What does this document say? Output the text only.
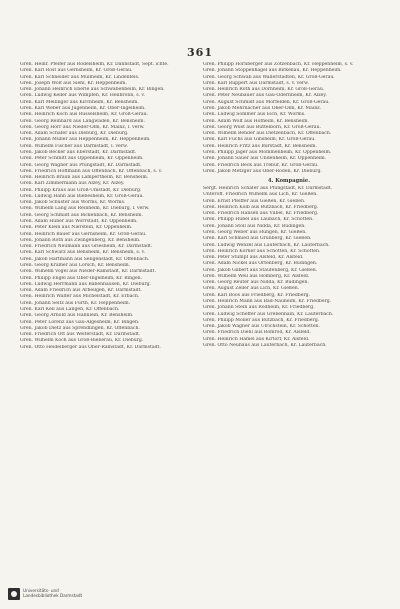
361
Gren. Heinr. Pfeifer aus Rodelsheim, Kr. Dannstadt, Sept. ichte.
Gren. Karl Rost aus Gernsheim, Kr. Groß-Gerau.
Gren. Karl Schneider aus Müllheim, Kr. Lindenfels.
Gren. Joseph Wolf aus Siehl, Kr. Heppenheim.
Gren. Johann Heinrich Eberle aus Schwabenheim, Kr. Bingen.
Gren. Ludwig Keller aus Wimpfen, Kr. Heilbronn, s. v.
Gren. Karl Mellinger aus Kirchheim, Kr. Bensheim.
Gren. Karl Weber aus Jugenheim, Kr. Ober-Ingelheim.
Gren. Heinrich Koch aus Rüsselsheim, Kr. Groß-Gerau.
Gren. Georg Reinhard aus Langwaden, Kr. Bensheim.
Gren. Georg Hörr aus Nieder-Olm, Kr. Mainz, l. verw.
Gren. Adam Schäfer aus Dieburg, Kr. Dieburg.
Gren. Johann Müller aus Heppenheim, Kr. Heppenheim.
Gren. Wilhelm Fischer aus Darmstadt, l. verw.
Gren. Jakob Becker aus Eberstadt, Kr. Darmstadt.
Gren. Peter Schmitt aus Oppenheim, Kr. Oppenheim.
Gren. Georg Wagner aus Pfungstadt, Kr. Darmstadt.
Gren. Friedrich Hoffmann aus Offenbach, Kr. Offenbach, s. v.
Gren. Heinrich Braun aus Lampertheim, Kr. Bensheim.
Gren. Karl Zimmermann aus Alzey, Kr. Alzey.
Gren. Philipp Kraus aus Groß-Umstadt, Kr. Dieburg.
Gren. Ludwig Hahn aus Biebesheim, Kr. Groß-Gerau.
Gren. Jakob Schuster aus Worms, Kr. Worms.
Gren. Wilhelm Lang aus Reinheim, Kr. Dieburg, l. verw.
Gren. Georg Schmidt aus Bickenbach, Kr. Bensheim.
Gren. Adam Huber aus Wörrstadt, Kr. Oppenheim.
Gren. Peter Klein aus Nierstein, Kr. Oppenheim.
Gren. Heinrich Bauer aus Gernsheim, Kr. Groß-Gerau.
Gren. Johann Roth aus Zwingenberg, Kr. Bensheim.
Gren. Friedrich Neumann aus Griesheim, Kr. Darmstadt.
Gren. Karl Schwarz aus Bensheim, Kr. Bensheim, s. v.
Gren. Jakob Hartmann aus Seligenstadt, Kr. Offenbach.
Gren. Georg Krämer aus Lorsch, Kr. Bensheim.
Gren. Wilhelm Vogel aus Nieder-Ramstadt, Kr. Darmstadt.
Gren. Philipp Engel aus Ober-Ingelheim, Kr. Bingen.
Gren. Ludwig Herrmann aus Babenhausen, Kr. Dieburg.
Gren. Adam Friedrich aus Arheilgen, Kr. Darmstadt.
Gren. Heinrich Walter aus Michelstadt, Kr. Erbach.
Gren. Johann Seitz aus Fürth, Kr. Heppenheim.
Gren. Karl Keil aus Langen, Kr. Offenbach.
Gren. Georg Arnold aus Hähnlein, Kr. Bensheim.
Gren. Peter Lorenz aus Gau-Algesheim, Kr. Bingen.
Gren. Jakob Dietz aus Sprendlingen, Kr. Offenbach.
Gren. Friedrich Ott aus Weiterstadt, Kr. Darmstadt.
Gren. Wilhelm Koch aus Groß-Bieberau, Kr. Dieburg.
Gren. Otto Heidelberger aus Ober-Ramstadt, Kr. Darmstadt.
Gren. Philipp Hornberger aus Zotzenbach, Kr. Heppenheim, s. v.
Gren. Johann Stoppenhagel aus Birkenau, Kr. Heppenheim.
Gren. Georg Schwab aus Wallerstädten, Kr. Groß-Gerau.
Gren. Karl Ruppert aus Darmstadt, s. v. verw.
Gren. Heinrich Roth aus Dornheim, Kr. Groß-Gerau.
Gren. Peter Neubauer aus Gau-Odernheim, Kr. Alzey.
Gren. August Schmidt aus Mörfelden, Kr. Groß-Gerau.
Gren. Jakob Mehrnacher aus Ober-Olm, Kr. Mainz.
Gren. Ludwig Sommer aus Eich, Kr. Worms.
Gren. Adam Wolf aus Hofheim, Kr. Bensheim.
Gren. Georg Wüst aus Büttelborn, Kr. Groß-Gerau.
Gren. Wilhelm Bender aus Dietzenbach, Kr. Offenbach.
Gren. Karl Fuchs aus Ginsheim, Kr. Groß-Gerau.
Gren. Heinrich Fritz aus Bürstadt, Kr. Bensheim.
Gren. Philipp Jäger aus Mommenheim, Kr. Oppenheim.
Gren. Johann Sauer aus Undenheim, Kr. Oppenheim.
Gren. Friedrich Beck aus Trebur, Kr. Groß-Gerau.
Gren. Jakob Metzger aus Ober-Roden, Kr. Dieburg.
4. Kompagnie.
Sergt. Heinrich Schäfer aus Pfungstadt, Kr. Darmstadt.
Unteroff. Friedrich Wilhelm aus Lich, Kr. Gießen.
Gren. Ernst Pfeiffer aus Gießen, Kr. Gießen.
Gren. Heinrich Kolb aus Butzbach, Kr. Friedberg.
Gren. Friedrich Hansen aus Vilbel, Kr. Friedberg.
Gren. Philipp Hubel aus Laubach, Kr. Schotten.
Gren. Johann Stoll aus Nidda, Kr. Büdingen.
Gren. Georg Weber aus Hungen, Kr. Gießen.
Gren. Karl Schmied aus Grünberg, Kr. Gießen.
Gren. Ludwig Wenzel aus Lauterbach, Kr. Lauterbach.
Gren. Heinrich Körner aus Schotten, Kr. Schotten.
Gren. Peter Stumpf aus Alsfeld, Kr. Alsfeld.
Gren. Adam Nickel aus Ortenberg, Kr. Büdingen.
Gren. Jakob Gilbert aus Staufenberg, Kr. Gießen.
Gren. Wilhelm Weil aus Homberg, Kr. Alsfeld.
Gren. Georg Reuter aus Nidda, Kr. Büdingen.
Gren. August Zeller aus Lich, Kr. Gießen.
Gren. Karl Boos aus Friedberg, Kr. Friedberg.
Gren. Heinrich Mann aus Bad-Nauheim, Kr. Friedberg.
Gren. Johann Stein aus Rodheim, Kr. Friedberg.
Gren. Ludwig Scheffer aus Grebenhain, Kr. Lauterbach.
Gren. Philipp Möller aus Butzbach, Kr. Friedberg.
Gren. Jakob Wagner aus Ulrichstein, Kr. Schotten.
Gren. Friedrich Diehl aus Romrod, Kr. Alsfeld.
Gren. Heinrich Hamel aus Kirtorf, Kr. Alsfeld.
Gren. Otto Neuhaus aus Lauterbach, Kr. Lauterbach.
Universitäts- und
Landesbibliothek Darmstadt
